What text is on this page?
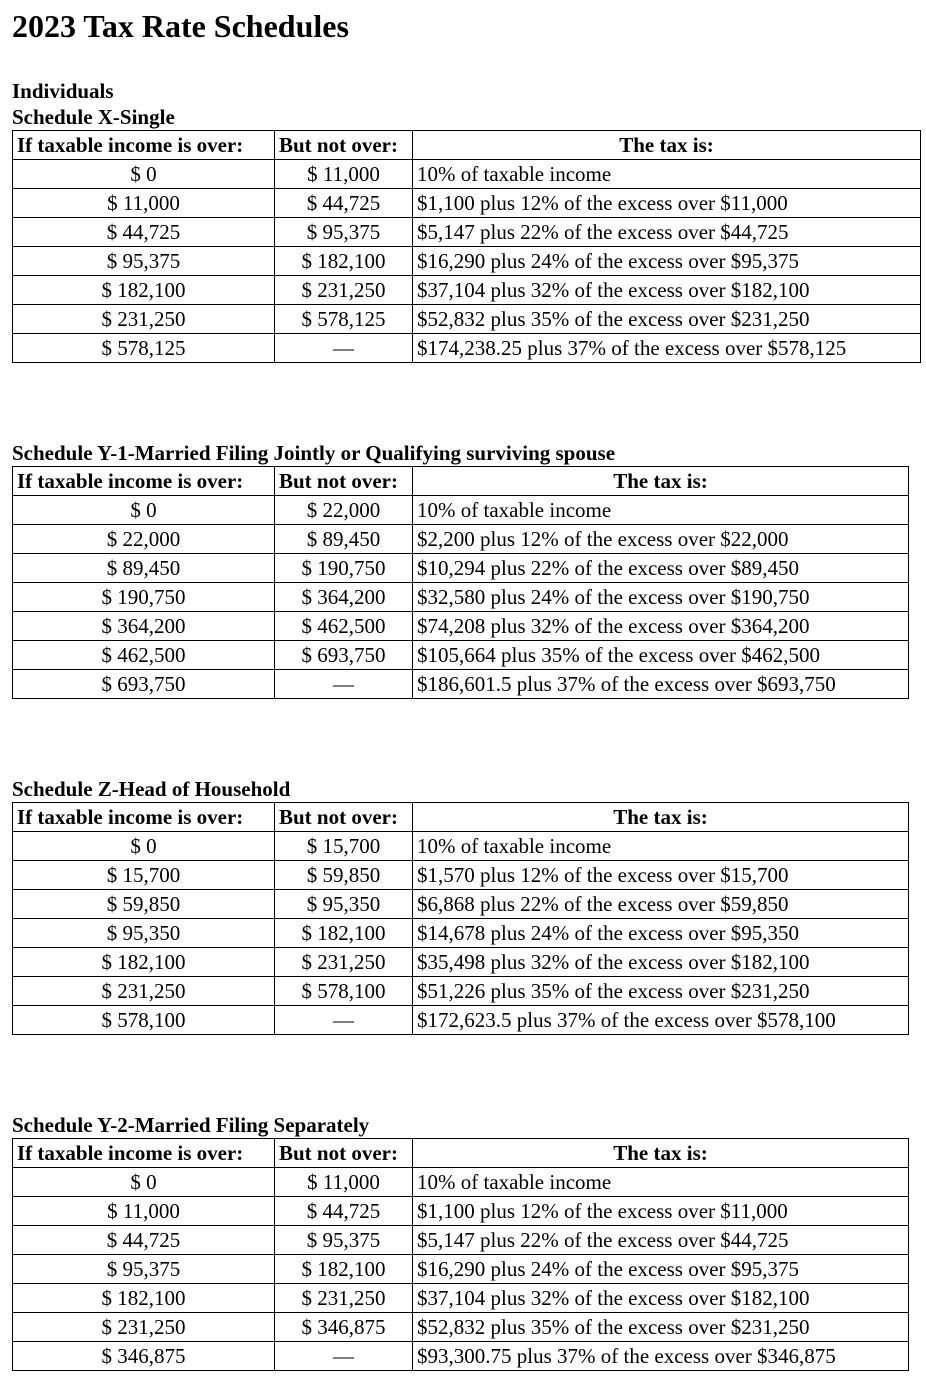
2023 Tax Rate Schedules
Individuals
Schedule X-Single
If taxable income is over:	But not over:	The tax is:
$ 0	$ 11,000	10% of taxable income
$ 11,000	$ 44,725	$1,100 plus 12% of the excess over $11,000
$ 44,725	$ 95,375	$5,147 plus 22% of the excess over $44,725
$ 95,375	$ 182,100	$16,290 plus 24% of the excess over $95,375
$ 182,100	$ 231,250	$37,104 plus 32% of the excess over $182,100
$ 231,250	$ 578,125	$52,832 plus 35% of the excess over $231,250
$ 578,125	—	$174,238.25 plus 37% of the excess over $578,125
Schedule Y-1-Married Filing Jointly or Qualifying surviving spouse
If taxable income is over:	But not over:	The tax is:
$ 0	$ 22,000	10% of taxable income
$ 22,000	$ 89,450	$2,200 plus 12% of the excess over $22,000
$ 89,450	$ 190,750	$10,294 plus 22% of the excess over $89,450
$ 190,750	$ 364,200	$32,580 plus 24% of the excess over $190,750
$ 364,200	$ 462,500	$74,208 plus 32% of the excess over $364,200
$ 462,500	$ 693,750	$105,664 plus 35% of the excess over $462,500
$ 693,750	—	$186,601.5 plus 37% of the excess over $693,750
Schedule Z-Head of Household
If taxable income is over:	But not over:	The tax is:
$ 0	$ 15,700	10% of taxable income
$ 15,700	$ 59,850	$1,570 plus 12% of the excess over $15,700
$ 59,850	$ 95,350	$6,868 plus 22% of the excess over $59,850
$ 95,350	$ 182,100	$14,678 plus 24% of the excess over $95,350
$ 182,100	$ 231,250	$35,498 plus 32% of the excess over $182,100
$ 231,250	$ 578,100	$51,226 plus 35% of the excess over $231,250
$ 578,100	—	$172,623.5 plus 37% of the excess over $578,100
Schedule Y-2-Married Filing Separately
If taxable income is over:	But not over:	The tax is:
$ 0	$ 11,000	10% of taxable income
$ 11,000	$ 44,725	$1,100 plus 12% of the excess over $11,000
$ 44,725	$ 95,375	$5,147 plus 22% of the excess over $44,725
$ 95,375	$ 182,100	$16,290 plus 24% of the excess over $95,375
$ 182,100	$ 231,250	$37,104 plus 32% of the excess over $182,100
$ 231,250	$ 346,875	$52,832 plus 35% of the excess over $231,250
$ 346,875	—	$93,300.75 plus 37% of the excess over $346,875
